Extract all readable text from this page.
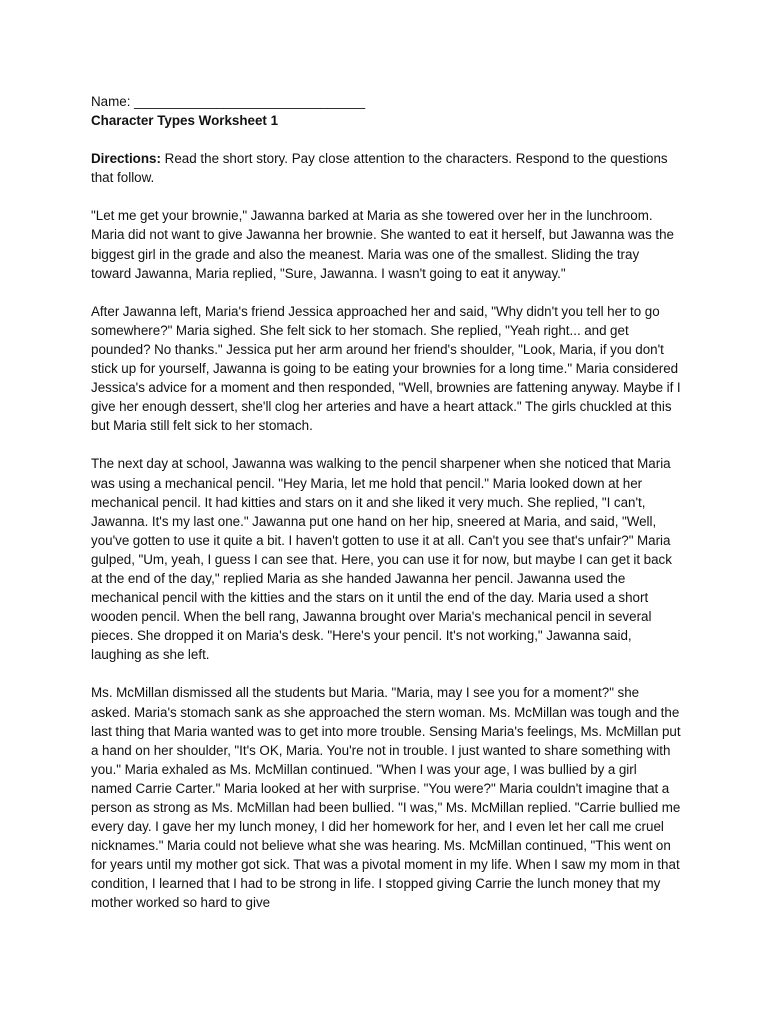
Name: _______________________________

Character Types Worksheet 1

Directions: Read the short story. Pay close attention to the characters. Respond to the questions that follow.

"Let me get your brownie," Jawanna barked at Maria as she towered over her in the lunchroom. Maria did not want to give Jawanna her brownie. She wanted to eat it herself, but Jawanna was the biggest girl in the grade and also the meanest. Maria was one of the smallest. Sliding the tray toward Jawanna, Maria replied, "Sure, Jawanna. I wasn't going to eat it anyway."

After Jawanna left, Maria's friend Jessica approached her and said, "Why didn't you tell her to go somewhere?" Maria sighed. She felt sick to her stomach. She replied, "Yeah right... and get pounded? No thanks." Jessica put her arm around her friend's shoulder, "Look, Maria, if you don't stick up for yourself, Jawanna is going to be eating your brownies for a long time." Maria considered Jessica's advice for a moment and then responded, "Well, brownies are fattening anyway. Maybe if I give her enough dessert, she'll clog her arteries and have a heart attack." The girls chuckled at this but Maria still felt sick to her stomach.

The next day at school, Jawanna was walking to the pencil sharpener when she noticed that Maria was using a mechanical pencil. "Hey Maria, let me hold that pencil." Maria looked down at her mechanical pencil. It had kitties and stars on it and she liked it very much. She replied, "I can't, Jawanna. It's my last one." Jawanna put one hand on her hip, sneered at Maria, and said, "Well, you've gotten to use it quite a bit. I haven't gotten to use it at all. Can't you see that's unfair?" Maria gulped, "Um, yeah, I guess I can see that. Here, you can use it for now, but maybe I can get it back at the end of the day," replied Maria as she handed Jawanna her pencil. Jawanna used the mechanical pencil with the kitties and the stars on it until the end of the day. Maria used a short wooden pencil. When the bell rang, Jawanna brought over Maria's mechanical pencil in several pieces. She dropped it on Maria's desk. "Here's your pencil. It's not working," Jawanna said, laughing as she left.

Ms. McMillan dismissed all the students but Maria. "Maria, may I see you for a moment?" she asked. Maria's stomach sank as she approached the stern woman. Ms. McMillan was tough and the last thing that Maria wanted was to get into more trouble. Sensing Maria's feelings, Ms. McMillan put a hand on her shoulder, "It's OK, Maria. You're not in trouble. I just wanted to share something with you." Maria exhaled as Ms. McMillan continued. "When I was your age, I was bullied by a girl named Carrie Carter." Maria looked at her with surprise. "You were?" Maria couldn't imagine that a person as strong as Ms. McMillan had been bullied. "I was," Ms. McMillan replied. "Carrie bullied me every day. I gave her my lunch money, I did her homework for her, and I even let her call me cruel nicknames." Maria could not believe what she was hearing. Ms. McMillan continued, "This went on for years until my mother got sick. That was a pivotal moment in my life. When I saw my mom in that condition, I learned that I had to be strong in life. I stopped giving Carrie the lunch money that my mother worked so hard to give
